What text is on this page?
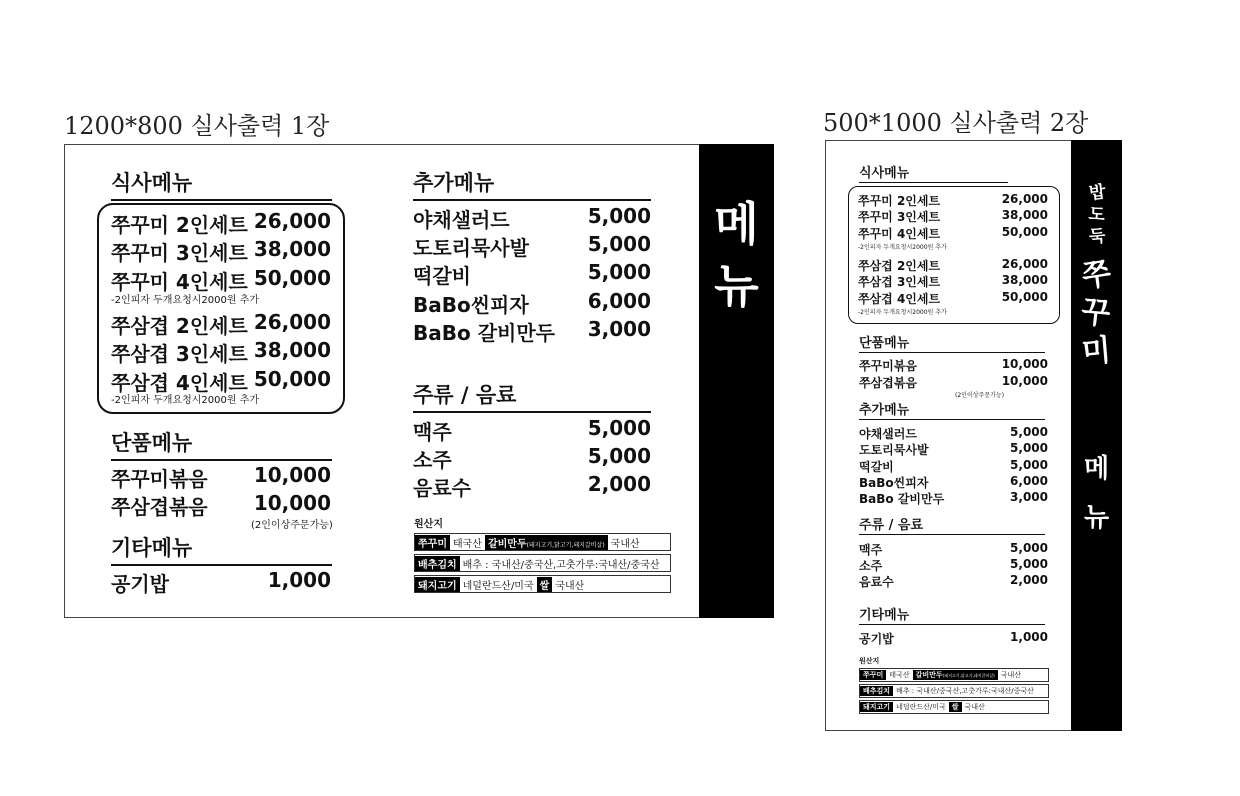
1200*800 실사출력 1장	500*1000 실사출력 2장
메
뉴
식사메뉴
쭈꾸미 2인세트 26,000
쭈꾸미 3인세트 38,000
쭈꾸미 4인세트 50,000
-2인피자 두개요청시2000원 추가
쭈삼겹 2인세트 26,000
쭈삼겹 3인세트 38,000
쭈삼겹 4인세트 50,000
-2인피자 두개요청시2000원 추가
단품메뉴
쭈꾸미볶음 10,000
쭈삼겹볶음 10,000
(2인이상주문가능)
기타메뉴
공기밥	1,000
추가메뉴
야채샐러드	5,000
도토리묵사발	5,000
떡갈비	5,000
BaBo씬피자	6,000
BaBo 갈비만두 3,000
주류 / 음료
맥주	5,000
소주	5,000
음료수	2,000
원산지
쭈꾸미 태국산 갈비만두(돼지고기,닭고기,돼지갈비살) 국내산
배추김치 배추 : 국내산/중국산,고춧가루:국내산/중국산
돼지고기 네덜란드산/미국 쌀 국내산
밥
도
둑
쭈
꾸
미
메
뉴
식사메뉴
쭈꾸미 2인세트	26,000
쭈꾸미 3인세트	38,000
쭈꾸미 4인세트	50,000
-2인피자 두개요청시2000원 추가
쭈삼겹 2인세트	26,000
쭈삼겹 3인세트	38,000
쭈삼겹 4인세트	50,000
-2인피자 두개요청시2000원 추가
단품메뉴
쭈꾸미볶음	10,000
쭈삼겹볶음	10,000
(2인이상주문가능)
추가메뉴
야채샐러드	5,000
도토리묵사발	5,000
떡갈비	5,000
BaBo씬피자	6,000
BaBo 갈비만두	3,000
주류 / 음료
맥주	5,000
소주	5,000
음료수	2,000
기타메뉴
공기밥	1,000
원산지
쭈꾸미 태국산 갈비만두(돼지고기,닭고기,돼지갈비살) 국내산
배추김치 배추 : 국내산/중국산,고춧가루:국내산/중국산
돼지고기 네덜란드산/미국 쌀 국내산
